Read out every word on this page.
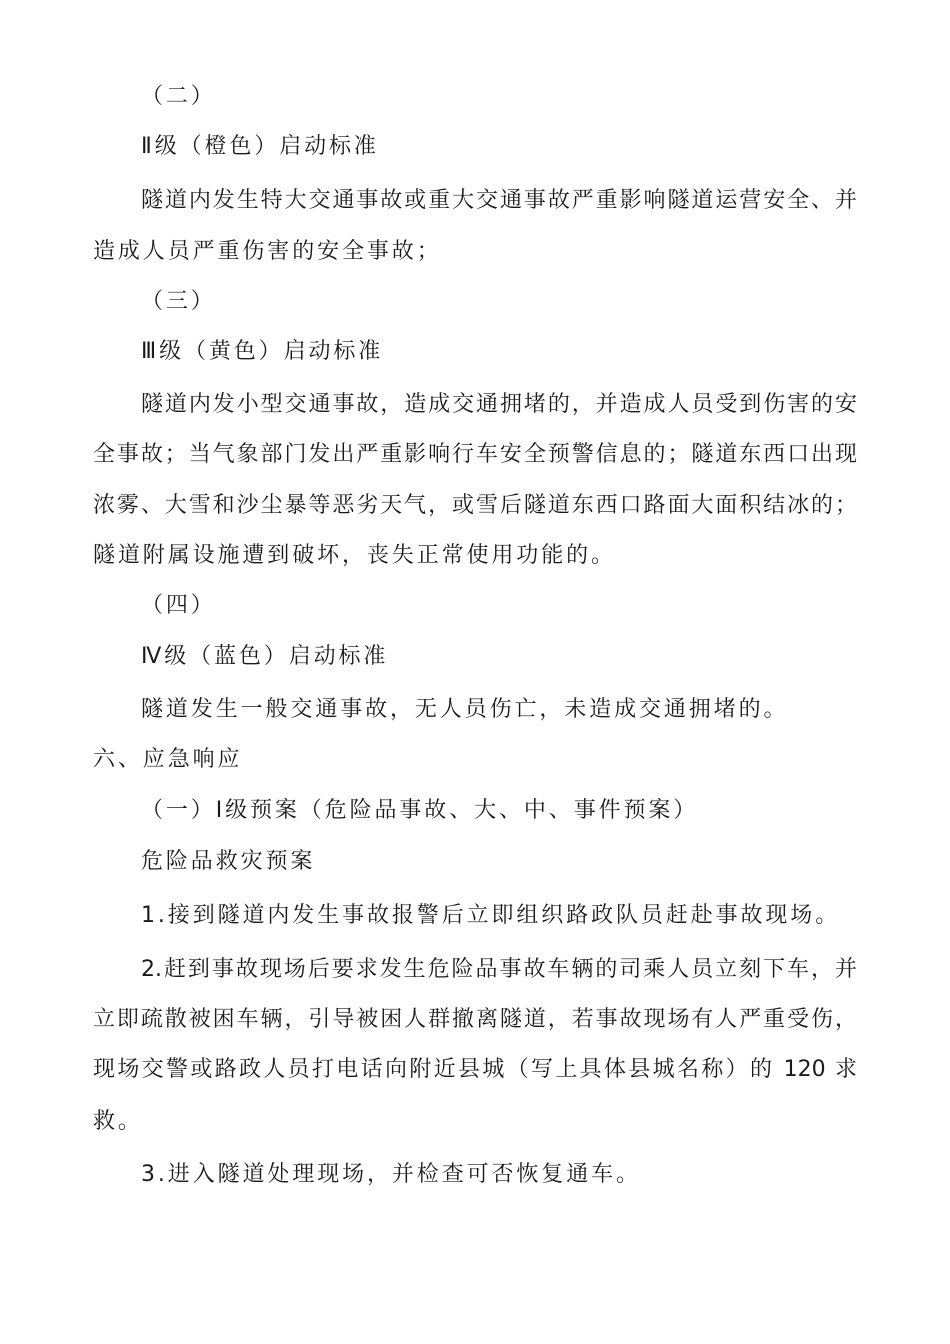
（二）
Ⅱ级（橙色）启动标准
隧道内发生特大交通事故或重大交通事故严重影响隧道运营安全、并
造成人员严重伤害的安全事故；
（三）
Ⅲ级（黄色）启动标准
隧道内发小型交通事故，造成交通拥堵的，并造成人员受到伤害的安
全事故；当气象部门发出严重影响行车安全预警信息的；隧道东西口出现
浓雾、大雪和沙尘暴等恶劣天气，或雪后隧道东西口路面大面积结冰的；
隧道附属设施遭到破坏，丧失正常使用功能的。
（四）
Ⅳ级（蓝色）启动标准
隧道发生一般交通事故，无人员伤亡，未造成交通拥堵的。
六、应急响应
（一）Ⅰ级预案（危险品事故、大、中、事件预案）
危险品救灾预案
1.接到隧道内发生事故报警后立即组织路政队员赶赴事故现场。
2.赶到事故现场后要求发生危险品事故车辆的司乘人员立刻下车，并
立即疏散被困车辆，引导被困人群撤离隧道，若事故现场有人严重受伤，
现场交警或路政人员打电话向附近县城（写上具体县城名称）的 120 求
救。
3.进入隧道处理现场，并检查可否恢复通车。
